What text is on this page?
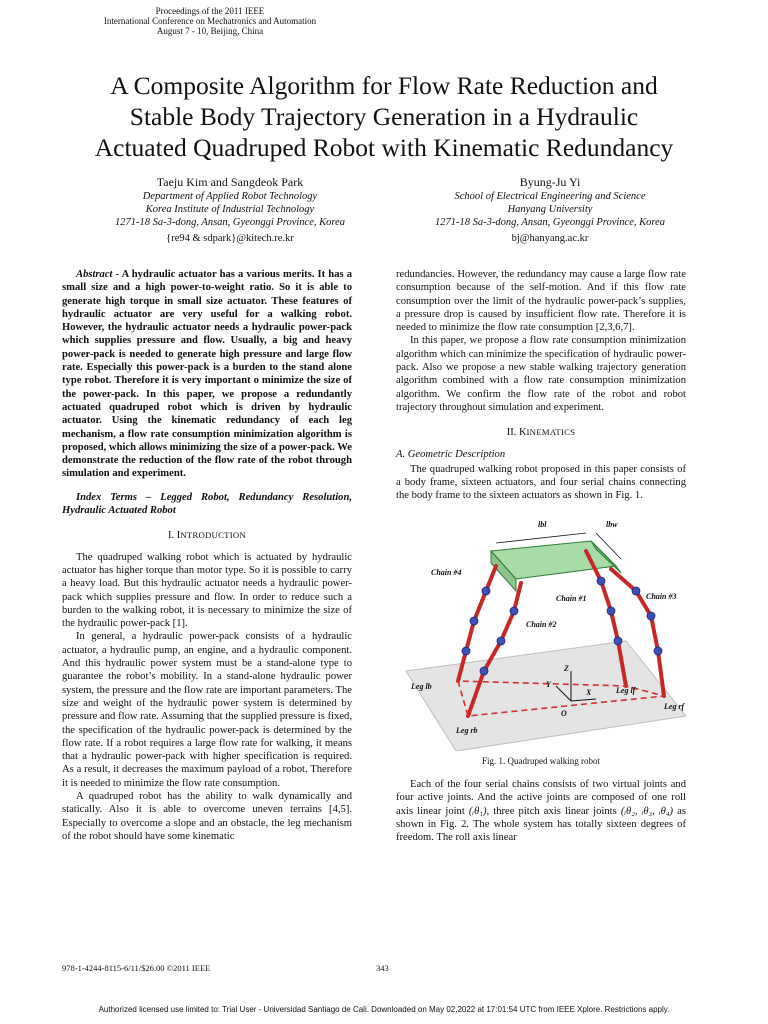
Proceedings of the 2011 IEEE
International Conference on Mechatronics and Automation
August 7 - 10, Beijing, China
A Composite Algorithm for Flow Rate Reduction and
Stable Body Trajectory Generation in a Hydraulic
Actuated Quadruped Robot with Kinematic Redundancy
Taeju Kim and Sangdeok Park
Department of Applied Robot Technology
Korea Institute of Industrial Technology
1271-18 Sa-3-dong, Ansan, Gyeonggi Province, Korea
{re94 & sdpark}@kitech.re.kr
Byung-Ju Yi
School of Electrical Engineering and Science
Hanyang University
1271-18 Sa-3-dong, Ansan, Gyeonggi Province, Korea
bj@hanyang.ac.kr

Abstract - A hydraulic actuator has a various merits. It has a small size and a high power-to-weight ratio. So it is able to generate high torque in small size actuator. These features of hydraulic actuator are very useful for a walking robot. However, the hydraulic actuator needs a hydraulic power-pack which supplies pressure and flow. Usually, a big and heavy power-pack is needed to generate high pressure and large flow rate. Especially this power-pack is a burden to the stand alone type robot. Therefore it is very important o minimize the size of the power-pack. In this paper, we propose a redundantly actuated quadruped robot which is driven by hydraulic actuator. Using the kinematic redundancy of each leg mechanism, a flow rate consumption minimization algorithm is proposed, which allows minimizing the size of a power-pack. We demonstrate the reduction of the flow rate of the robot through simulation and experiment.

Index Terms – Legged Robot, Redundancy Resolution, Hydraulic Actuated Robot

I. INTRODUCTION

The quadruped walking robot which is actuated by hydraulic actuator has higher torque than motor type. So it is possible to carry a heavy load. But this hydraulic actuator needs a hydraulic power-pack which supplies pressure and flow. In order to reduce such a burden to the walking robot, it is necessary to minimize the size of the hydraulic power-pack [1].

In general, a hydraulic power-pack consists of a hydraulic actuator, a hydraulic pump, an engine, and a hydraulic component. And this hydraulic power system must be a stand-alone type to guarantee the robot’s mobility. In a stand-alone hydraulic power system, the pressure and the flow rate are important parameters. The size and weight of the hydraulic power system is determined by pressure and flow rate. Assuming that the supplied pressure is fixed, the specification of the hydraulic power-pack is determined by the flow rate. If a robot requires a large flow rate for walking, it means that a hydraulic power-pack with higher specification is required. As a result, it decreases the maximum payload of a robot. Therefore it is needed to minimize the flow rate consumption.

A quadruped robot has the ability to walk dynamically and statically. Also it is able to overcome uneven terrains [4,5]. Especially to overcome a slope and an obstacle, the leg mechanism of the robot should have some kinematic

redundancies. However, the redundancy may cause a large flow rate consumption because of the self-motion. And if this flow rate consumption over the limit of the hydraulic power-pack’s supplies, a pressure drop is caused by insufficient flow rate. Therefore it is needed to minimize the flow rate consumption [2,3,6,7].

In this paper, we propose a flow rate consumption minimization algorithm which can minimize the specification of hydraulic power-pack. Also we propose a new stable walking trajectory generation algorithm combined with a flow rate consumption minimization algorithm. We confirm the flow rate of the robot and robot trajectory throughout simulation and experiment.

II. KINEMATICS
A. Geometric Description

The quadruped walking robot proposed in this paper consists of a body frame, sixteen actuators, and four serial chains connecting the body frame to the sixteen actuators as shown in Fig. 1.

lbl	lbw
Chain #4
Chain #1	Chain #3
Chain #2
Leg lb
Leg rb
Leg lf
Leg rf
X
Y
Z
O
Fig. 1. Quadruped walking robot

Each of the four serial chains consists of two virtual joints and four active joints. And the active joints are composed of one roll axis linear joint (ᵢθ₁), three pitch axis linear joints (ᵢθ₂, ᵢθ₃, ᵢθ₄) as shown in Fig. 2. The whole system has totally sixteen degrees of freedom. The roll axis linear

978-1-4244-8115-6/11/$26.00 ©2011 IEEE	343
Authorized licensed use limited to: Trial User - Universidad Santiago de Cali. Downloaded on May 02,2022 at 17:01:54 UTC from IEEE Xplore. Restrictions apply.
